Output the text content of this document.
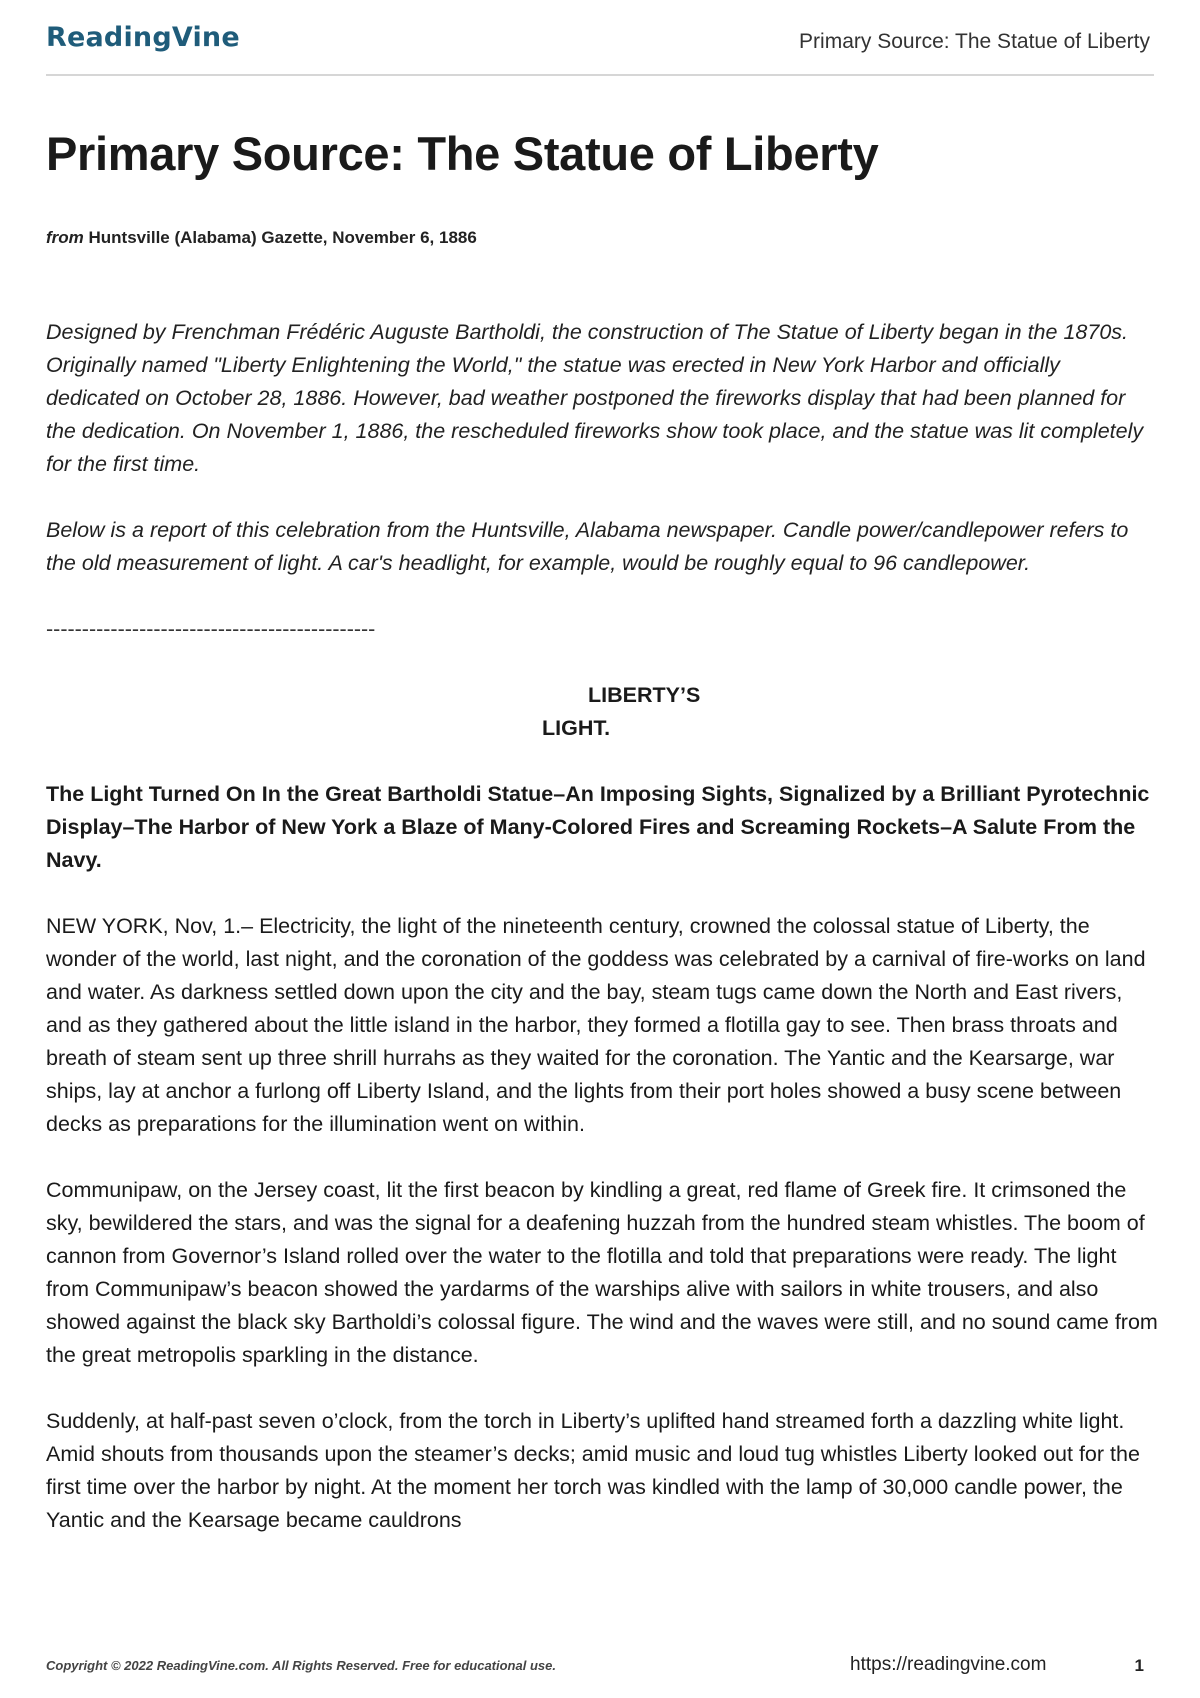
ReadingVine	Primary Source: The Statue of Liberty
Primary Source: The Statue of Liberty
from Huntsville (Alabama) Gazette, November 6, 1886

Designed by Frenchman Frédéric Auguste Bartholdi, the construction of The Statue of Liberty began in the 1870s. Originally named "Liberty Enlightening the World," the statue was erected in New York Harbor and officially dedicated on October 28, 1886. However, bad weather postponed the fireworks display that had been planned for the dedication. On November 1, 1886, the rescheduled fireworks show took place, and the statue was lit completely for the first time.

Below is a report of this celebration from the Huntsville, Alabama newspaper. Candle power/candlepower refers to the old measurement of light. A car's headlight, for example, would be roughly equal to 96 candlepower.

----------------------------------------------

LIBERTY’S

LIGHT.

The Light Turned On In the Great Bartholdi Statue–An Imposing Sights, Signalized by a Brilliant Pyrotechnic Display–The Harbor of New York a Blaze of Many-Colored Fires and Screaming Rockets–A Salute From the Navy.

NEW YORK, Nov, 1.– Electricity, the light of the nineteenth century, crowned the colossal statue of Liberty, the wonder of the world, last night, and the coronation of the goddess was celebrated by a carnival of fire-works on land and water. As darkness settled down upon the city and the bay, steam tugs came down the North and East rivers, and as they gathered about the little island in the harbor, they formed a flotilla gay to see. Then brass throats and breath of steam sent up three shrill hurrahs as they waited for the coronation. The Yantic and the Kearsarge, war ships, lay at anchor a furlong off Liberty Island, and the lights from their port holes showed a busy scene between decks as preparations for the illumination went on within.

Communipaw, on the Jersey coast, lit the first beacon by kindling a great, red flame of Greek fire. It crimsoned the sky, bewildered the stars, and was the signal for a deafening huzzah from the hundred steam whistles. The boom of cannon from Governor’s Island rolled over the water to the flotilla and told that preparations were ready. The light from Communipaw’s beacon showed the yardarms of the warships alive with sailors in white trousers, and also showed against the black sky Bartholdi’s colossal figure. The wind and the waves were still, and no sound came from the great metropolis sparkling in the distance.

Suddenly, at half-past seven o’clock, from the torch in Liberty’s uplifted hand streamed forth a dazzling white light. Amid shouts from thousands upon the steamer’s decks; amid music and loud tug whistles Liberty looked out for the first time over the harbor by night. At the moment her torch was kindled with the lamp of 30,000 candle power, the Yantic and the Kearsage became cauldrons

Copyright © 2022 ReadingVine.com. All Rights Reserved. Free for educational use.	https://readingvine.com	1
